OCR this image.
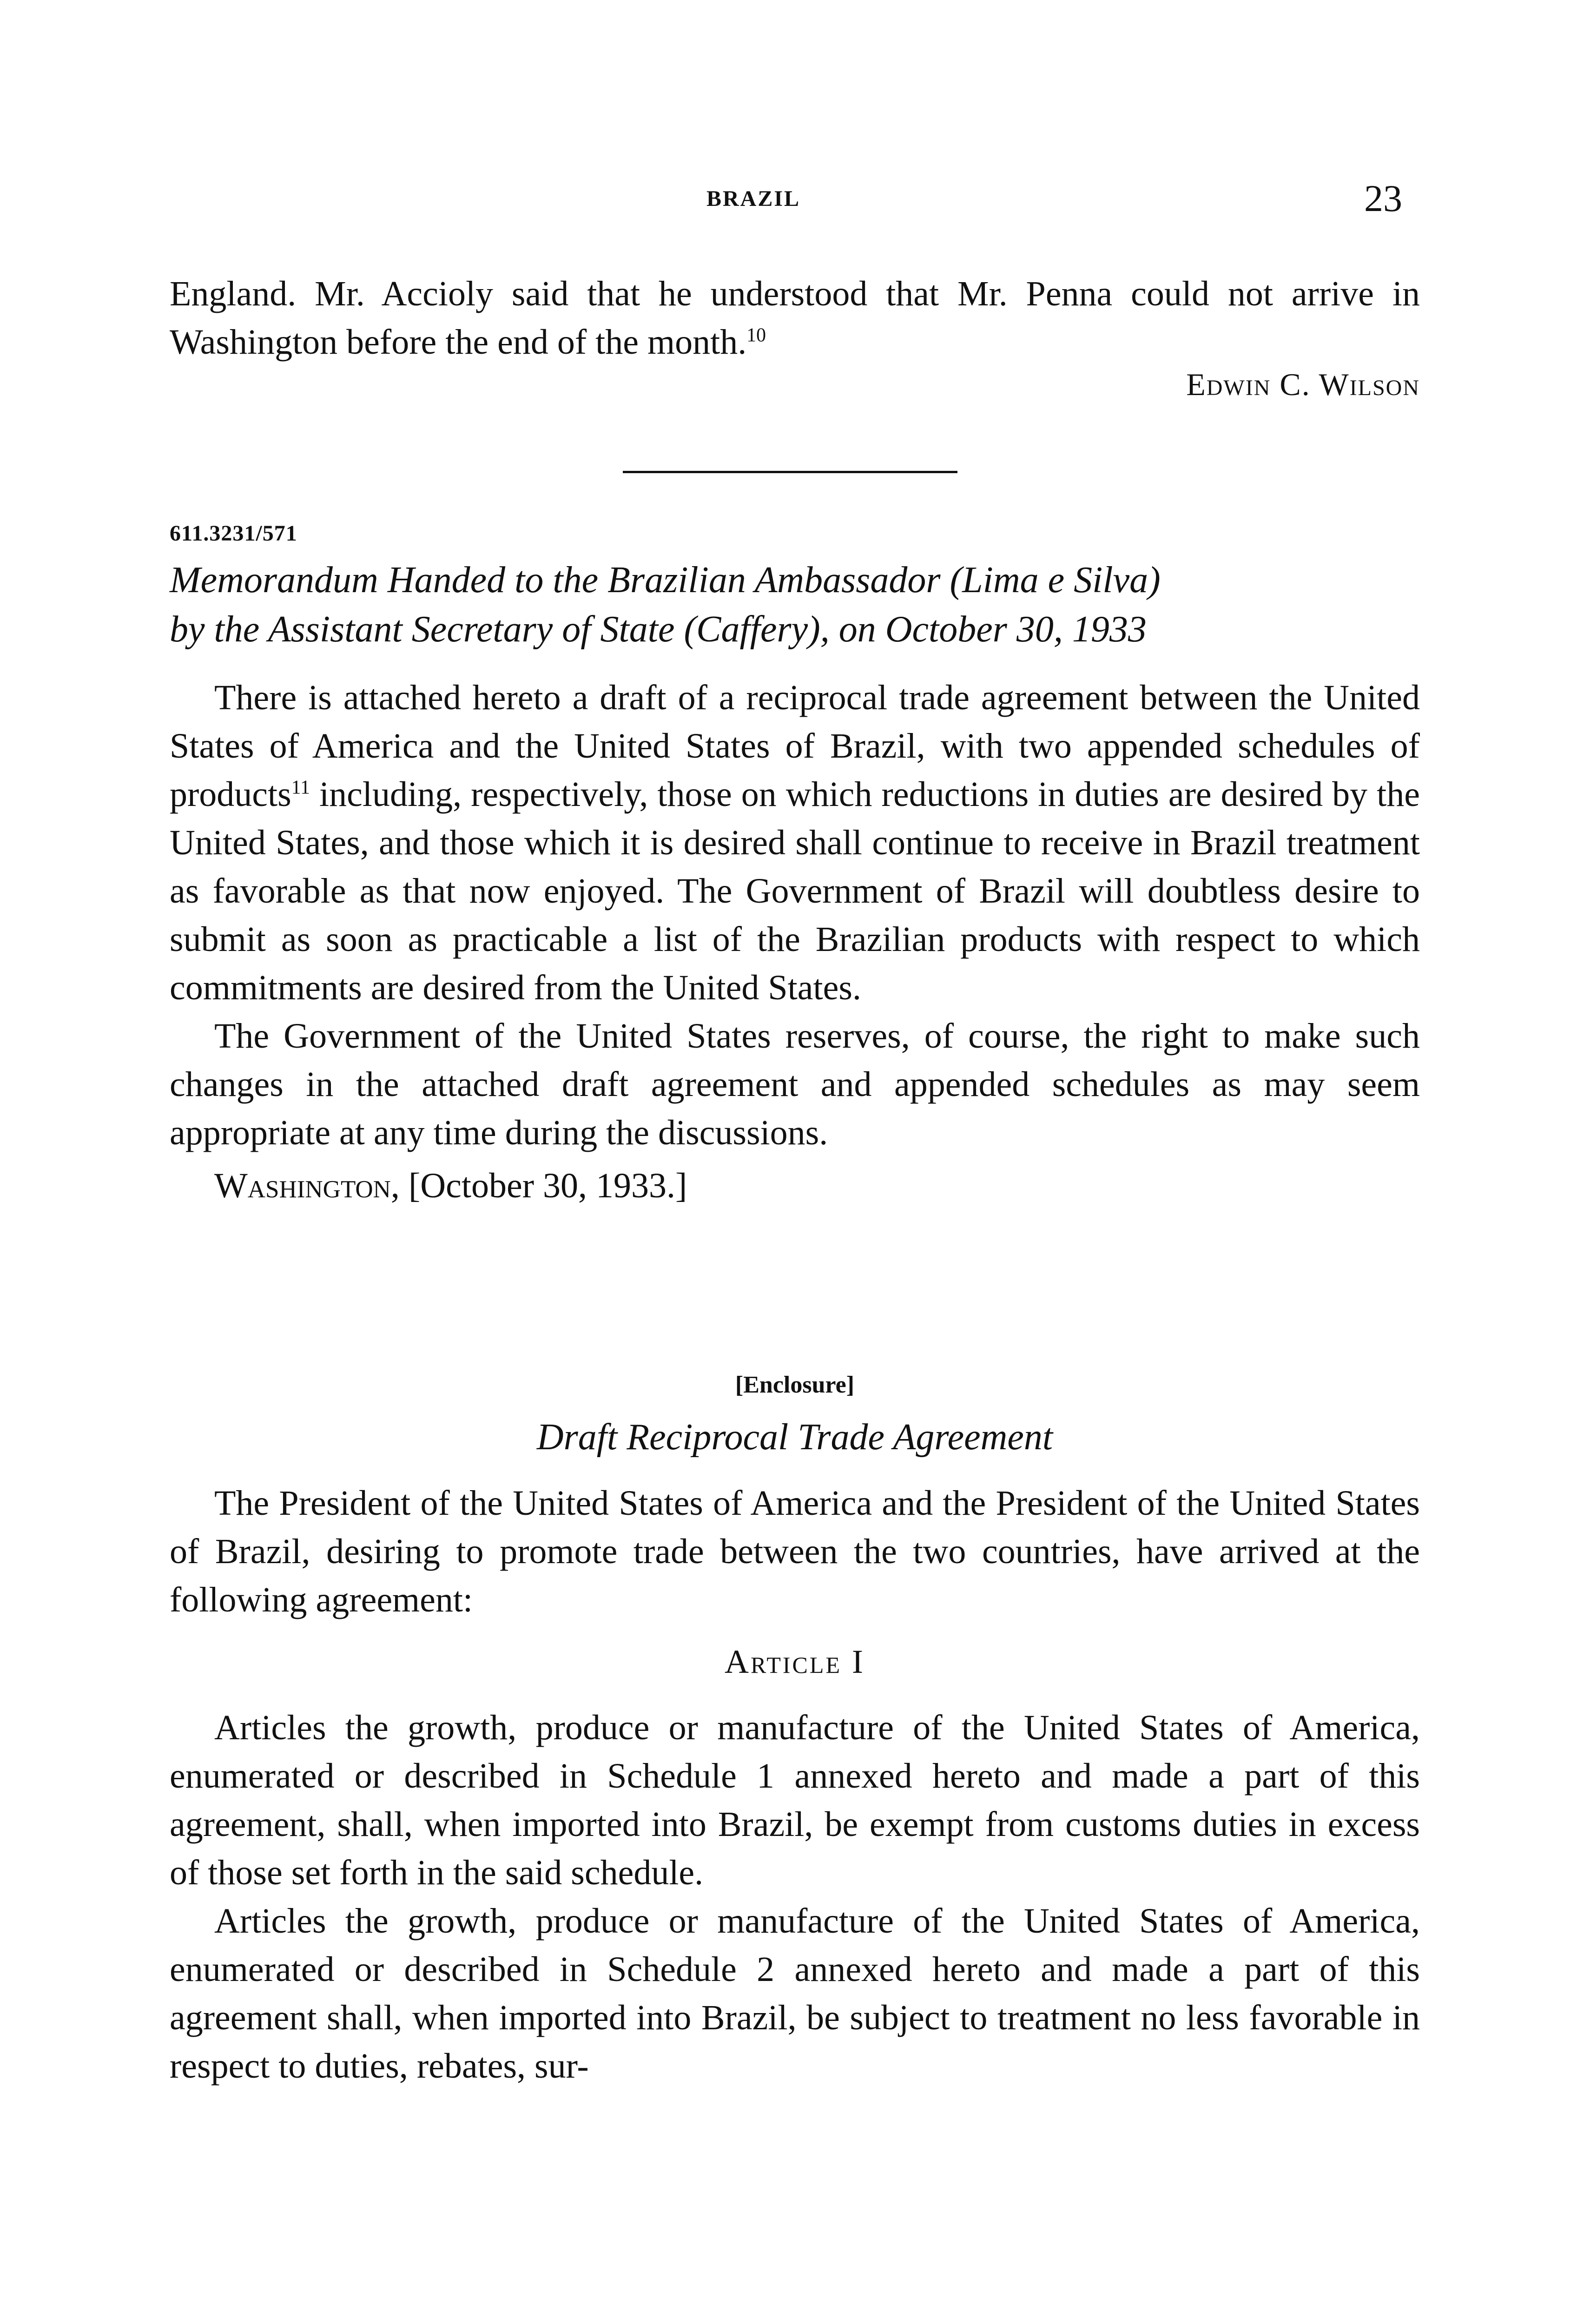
BRAZIL	23

England. Mr. Accioly said that he understood that Mr. Penna could not arrive in Washington before the end of the month.$^{10}$

Edwin C. Wilson
611.3231/571

Memorandum Handed to the Brazilian Ambassador (Lima e Silva)

by the Assistant Secretary of State (Caffery), on October 30, 1933

There is attached hereto a draft of a reciprocal trade agreement between the United States of America and the United States of Brazil, with two appended schedules of products$^{11}$ including, respectively, those on which reductions in duties are desired by the United States, and those which it is desired shall continue to receive in Brazil treatment as favorable as that now enjoyed. The Government of Brazil will doubtless desire to submit as soon as practicable a list of the Brazilian products with respect to which commitments are desired from the United States.

The Government of the United States reserves, of course, the right to make such changes in the attached draft agreement and appended schedules as may seem appropriate at any time during the discussions.

Washington, [October 30, 1933.]

[Enclosure]
Draft Reciprocal Trade Agreement

The President of the United States of America and the President of the United States of Brazil, desiring to promote trade between the two countries, have arrived at the following agreement:

Article I

Articles the growth, produce or manufacture of the United States of America, enumerated or described in Schedule 1 annexed hereto and made a part of this agreement, shall, when imported into Brazil, be exempt from customs duties in excess of those set forth in the said schedule.

Articles the growth, produce or manufacture of the United States of America, enumerated or described in Schedule 2 annexed hereto and made a part of this agreement shall, when imported into Brazil, be subject to treatment no less favorable in respect to duties, rebates, sur-
